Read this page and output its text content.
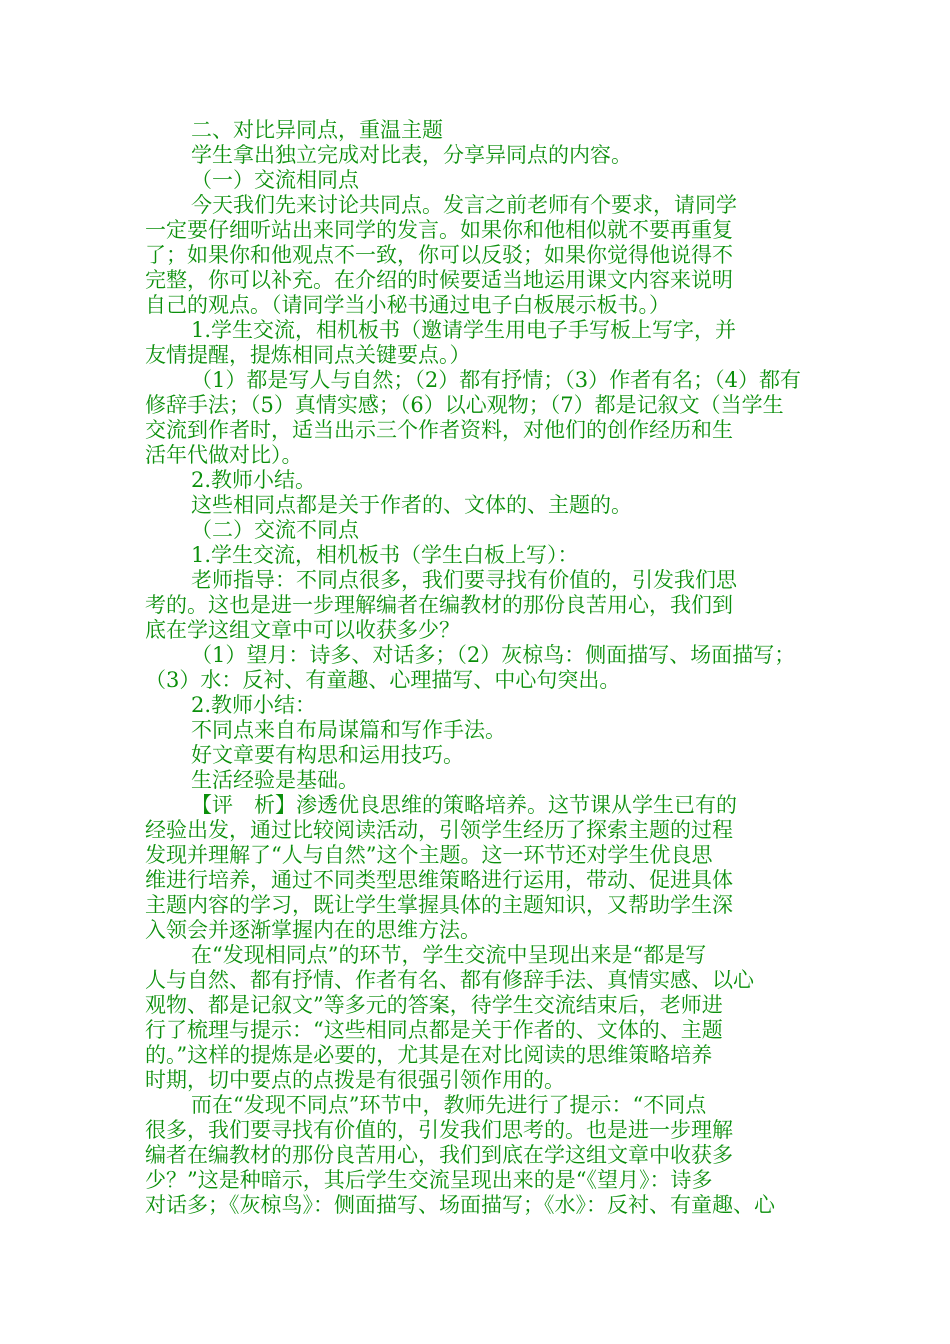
二、对比异同点，重温主题
学生拿出独立完成对比表，分享异同点的内容。
（一）交流相同点
今天我们先来讨论共同点。发言之前老师有个要求，请同学
一定要仔细听站出来同学的发言。如果你和他相似就不要再重复
了；如果你和他观点不一致，你可以反驳；如果你觉得他说得不
完整，你可以补充。在介绍的时候要适当地运用课文内容来说明
自己的观点。（请同学当小秘书通过电子白板展示板书。）
1.学生交流，相机板书（邀请学生用电子手写板上写字，并
友情提醒，提炼相同点关键要点。）
（1）都是写人与自然；（2）都有抒情；（3）作者有名；（4）都有
修辞手法；（5）真情实感；（6）以心观物；（7）都是记叙文（当学生
交流到作者时，适当出示三个作者资料，对他们的创作经历和生
活年代做对比）。
2.教师小结。
这些相同点都是关于作者的、文体的、主题的。
（二）交流不同点
1.学生交流，相机板书（学生白板上写）：
老师指导：不同点很多，我们要寻找有价值的，引发我们思
考的。这也是进一步理解编者在编教材的那份良苦用心，我们到
底在学这组文章中可以收获多少？
（1）望月：诗多、对话多；（2）灰椋鸟：侧面描写、场面描写；
（3）水：反衬、有童趣、心理描写、中心句突出。
2.教师小结：
不同点来自布局谋篇和写作手法。
好文章要有构思和运用技巧。
生活经验是基础。
【评　析】渗透优良思维的策略培养。这节课从学生已有的
经验出发，通过比较阅读活动，引领学生经历了探索主题的过程
发现并理解了“人与自然”这个主题。这一环节还对学生优良思
维进行培养，通过不同类型思维策略进行运用，带动、促进具体
主题内容的学习，既让学生掌握具体的主题知识，又帮助学生深
入领会并逐渐掌握内在的思维方法。
在“发现相同点”的环节，学生交流中呈现出来是“都是写
人与自然、都有抒情、作者有名、都有修辞手法、真情实感、以心
观物、都是记叙文”等多元的答案，待学生交流结束后，老师进
行了梳理与提示：“这些相同点都是关于作者的、文体的、主题
的。”这样的提炼是必要的，尤其是在对比阅读的思维策略培养
时期，切中要点的点拨是有很强引领作用的。
而在“发现不同点”环节中，教师先进行了提示：“不同点
很多，我们要寻找有价值的，引发我们思考的。也是进一步理解
编者在编教材的那份良苦用心，我们到底在学这组文章中收获多
少？”这是种暗示，其后学生交流呈现出来的是“《望月》：诗多
对话多；《灰椋鸟》：侧面描写、场面描写；《水》：反衬、有童趣、心
